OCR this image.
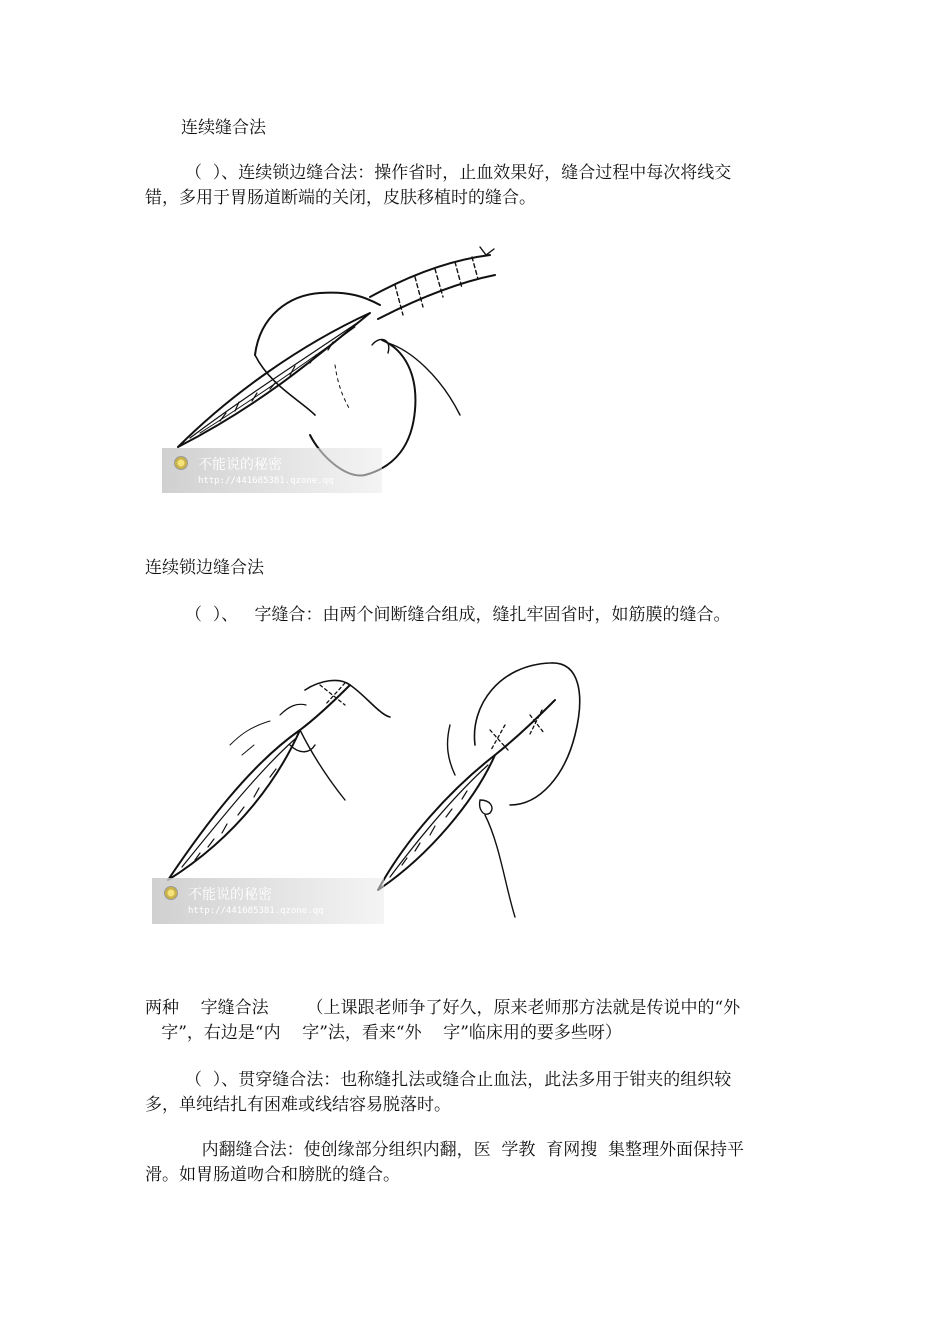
连续缝合法

（  ）、连续锁边缝合法：操作省时，止血效果好，缝合过程中每次将线交
错，多用于胃肠道断端的关闭，皮肤移植时的缝合。
不能说的秘密
http://441685381.qzone.qq

连续锁边缝合法

（  ）、   字缝合：由两个间断缝合组成，缝扎牢固省时，如筋膜的缝合。

不能说的秘密
http://441685381.qzone.qq
两种    字缝合法       （上课跟老师争了好久，原来老师那方法就是传说中的“外
字”，右边是“内    字”法，看来“外    字”临床用的要多些呀）
（  ）、贯穿缝合法：也称缝扎法或缝合止血法，此法多用于钳夹的组织较
多，单纯结扎有困难或线结容易脱落时。
内翻缝合法：使创缘部分组织内翻，医  学教  育网搜  集整理外面保持平
滑。如胃肠道吻合和膀胱的缝合。
